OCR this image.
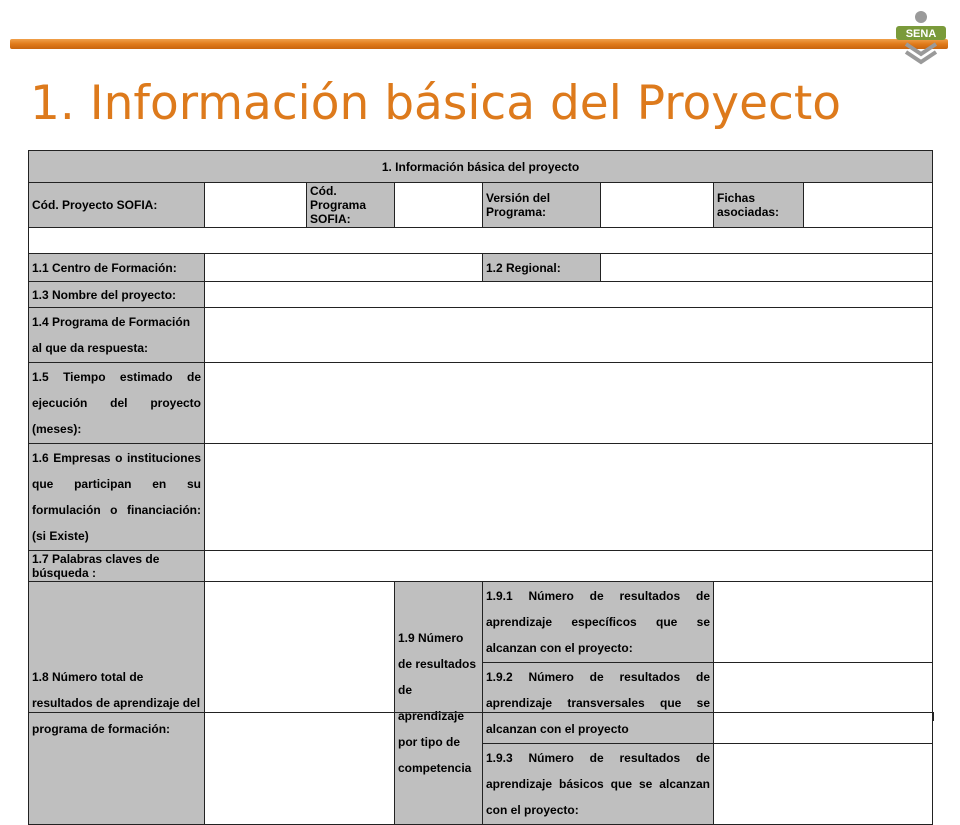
SENA
1. Información básica del Proyecto
1. Información básica del proyecto							
Cód. Proyecto SOFIA:		Cód. Programa SOFIA:		Versión del Programa:		Fichas asociadas:	

1.1 Centro de Formación:				1.2 Regional:			
1.3 Nombre del proyecto:							
1.4 Programa de Formación al que da respuesta:							
1.5 Tiempo estimado de ejecución del proyecto (meses):							
1.6 Empresas o instituciones que participan en su formulación o financiación: (si Existe)							
1.7 Palabras claves de búsqueda :							
1.8 Número total de resultados de aprendizaje del programa de formación:			1.9 Número de resultados de aprendizaje por tipo de competencia	1.9.1 Número de resultados de aprendizaje específicos que se alcanzan con el proyecto:			
				1.9.2 Número de resultados de aprendizaje transversales que se alcanzan con el proyecto			
				1.9.3 Número de resultados de aprendizaje básicos que se alcanzan con el proyecto:			
